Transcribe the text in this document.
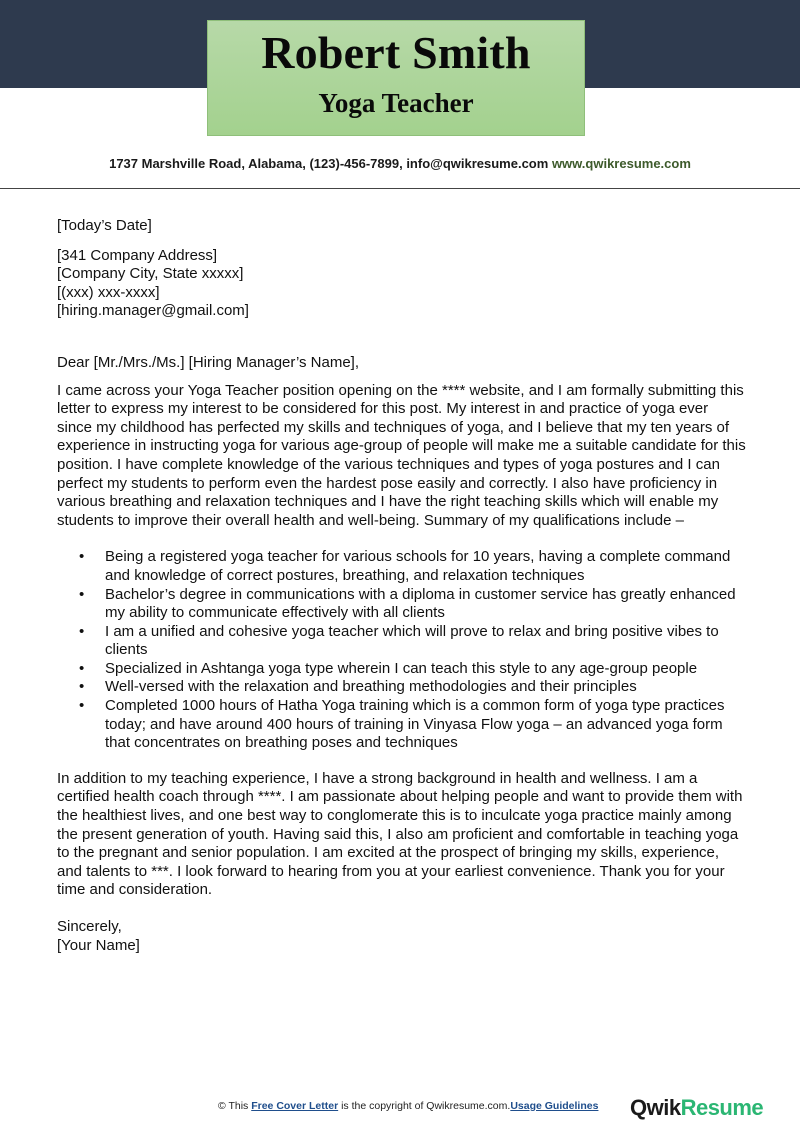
Robert Smith
Yoga Teacher
1737 Marshville Road, Alabama, (123)-456-7899, info@qwikresume.com www.qwikresume.com
[Today’s Date]
[341 Company Address]
[Company City, State xxxxx]
[(xxx) xxx-xxxx]
[hiring.manager@gmail.com]
Dear [Mr./Mrs./Ms.] [Hiring Manager’s Name],
I came across your Yoga Teacher position opening on the **** website, and I am formally submitting this letter to express my interest to be considered for this post. My interest in and practice of yoga ever since my childhood has perfected my skills and techniques of yoga, and I believe that my ten years of experience in instructing yoga for various age-group of people will make me a suitable candidate for this position. I have complete knowledge of the various techniques and types of yoga postures and I can perfect my students to perform even the hardest pose easily and correctly. I also have proficiency in various breathing and relaxation techniques and I have the right teaching skills which will enable my students to improve their overall health and well-being. Summary of my qualifications include –
• Being a registered yoga teacher for various schools for 10 years, having a complete command and knowledge of correct postures, breathing, and relaxation techniques
• Bachelor’s degree in communications with a diploma in customer service has greatly enhanced my ability to communicate effectively with all clients
• I am a unified and cohesive yoga teacher which will prove to relax and bring positive vibes to clients
• Specialized in Ashtanga yoga type wherein I can teach this style to any age-group people
• Well-versed with the relaxation and breathing methodologies and their principles
• Completed 1000 hours of Hatha Yoga training which is a common form of yoga type practices today; and have around 400 hours of training in Vinyasa Flow yoga – an advanced yoga form that concentrates on breathing poses and techniques
In addition to my teaching experience, I have a strong background in health and wellness. I am a certified health coach through ****. I am passionate about helping people and want to provide them with the healthiest lives, and one best way to conglomerate this is to inculcate yoga practice mainly among the present generation of youth. Having said this, I also am proficient and comfortable in teaching yoga to the pregnant and senior population. I am excited at the prospect of bringing my skills, experience, and talents to ***. I look forward to hearing from you at your earliest convenience. Thank you for your time and consideration.
Sincerely,
[Your Name]
© This Free Cover Letter is the copyright of Qwikresume.com.Usage Guidelines QwikResume
